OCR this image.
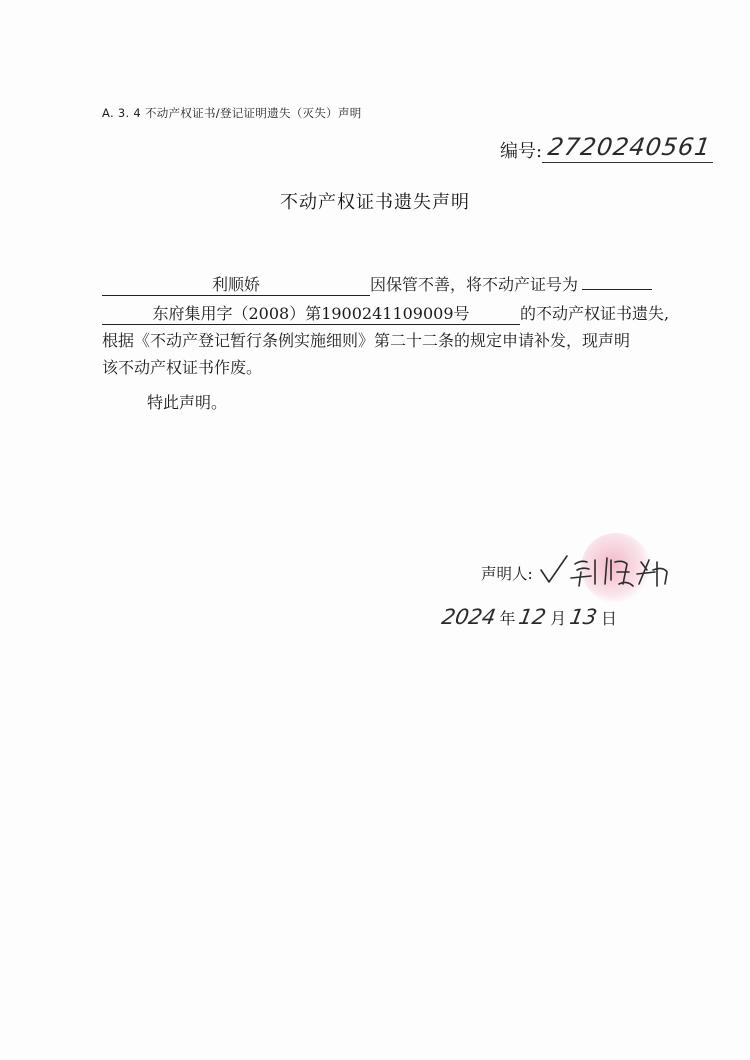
A. 3. 4 不动产权证书/登记证明遗失（灭失）声明
编号: 2720240561
不动产权证书遗失声明
利顺娇	因保管不善，将不动产证号为
东府集用字（2008）第1900241109009号	的不动产权证书遗失,
根据《不动产登记暂行条例实施细则》第二十二条的规定申请补发，现声明
该不动产权证书作废。
特此声明。
声明人:
2024 年 12 月 13 日
